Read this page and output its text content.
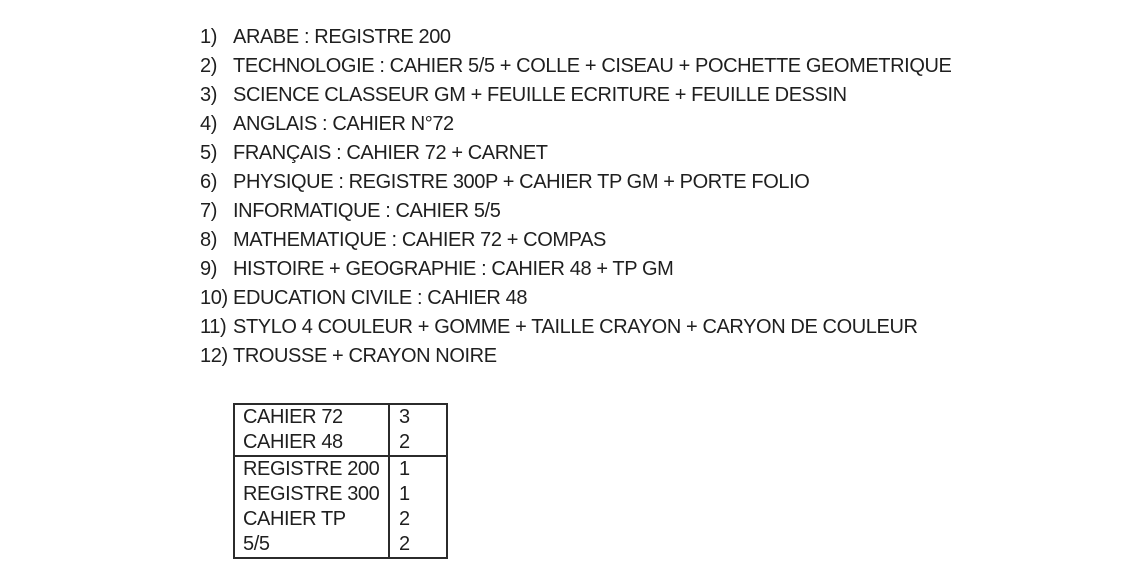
1) ARABE : REGISTRE 200
2) TECHNOLOGIE : CAHIER 5/5 + COLLE + CISEAU + POCHETTE GEOMETRIQUE
3) SCIENCE CLASSEUR GM + FEUILLE ECRITURE + FEUILLE DESSIN
4) ANGLAIS : CAHIER N°72
5) FRANÇAIS : CAHIER 72 + CARNET
6) PHYSIQUE : REGISTRE 300P + CAHIER TP GM + PORTE FOLIO
7) INFORMATIQUE : CAHIER 5/5
8) MATHEMATIQUE : CAHIER 72 + COMPAS
9) HISTOIRE + GEOGRAPHIE : CAHIER 48 + TP GM
10) EDUCATION CIVILE : CAHIER 48
11) STYLO 4 COULEUR + GOMME + TAILLE CRAYON + CARYON DE COULEUR
12) TROUSSE + CRAYON NOIRE
CAHIER 72	3
CAHIER 48	2
REGISTRE 200	1
REGISTRE 300	1
CAHIER TP	2
5/5	2
